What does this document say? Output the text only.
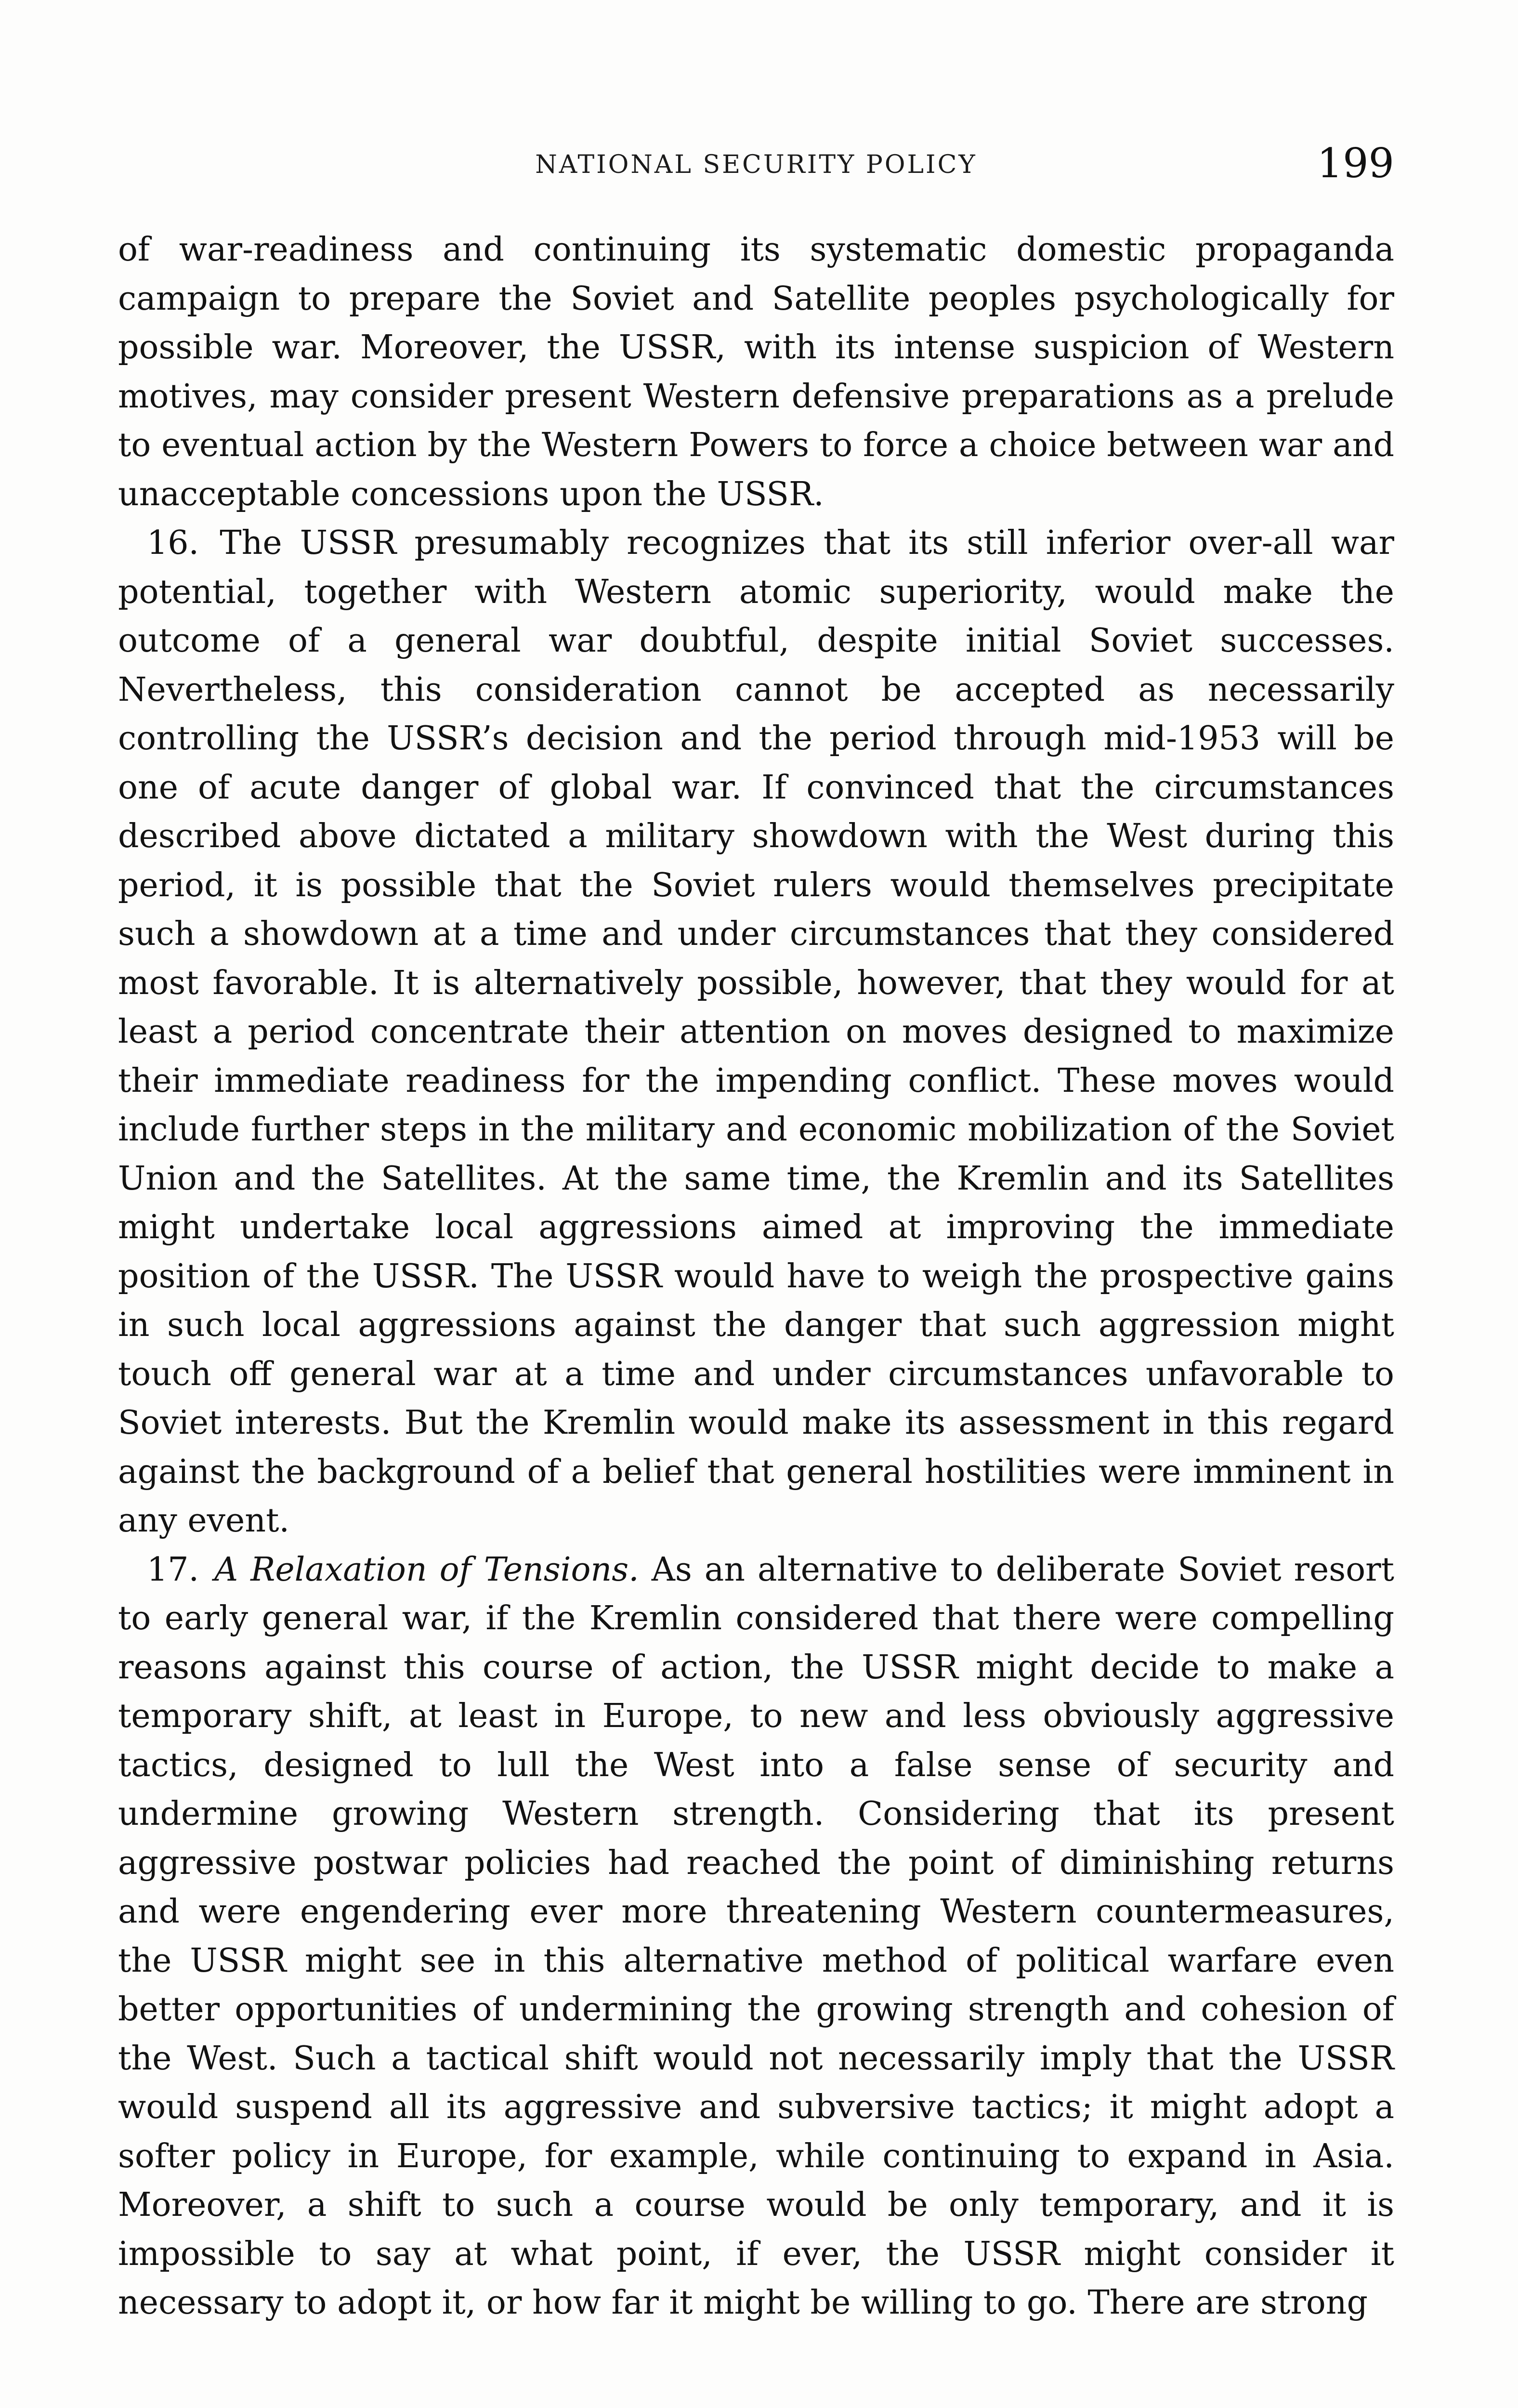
NATIONAL SECURITY POLICY	199

of war-readiness and continuing its systematic domestic propaganda campaign to prepare the Soviet and Satellite peoples psychologically for possible war. Moreover, the USSR, with its intense suspicion of Western motives, may consider present Western defensive preparations as a prelude to eventual action by the Western Powers to force a choice between war and unacceptable concessions upon the USSR.

16. The USSR presumably recognizes that its still inferior over-all war potential, together with Western atomic superiority, would make the outcome of a general war doubtful, despite initial Soviet successes. Nevertheless, this consideration cannot be accepted as necessarily controlling the USSR’s decision and the period through mid-1953 will be one of acute danger of global war. If convinced that the circumstances described above dictated a military showdown with the West during this period, it is possible that the Soviet rulers would themselves precipitate such a showdown at a time and under circumstances that they considered most favorable. It is alternatively possible, however, that they would for at least a period concentrate their attention on moves designed to maximize their immediate readiness for the impending conflict. These moves would include further steps in the military and economic mobilization of the Soviet Union and the Satellites. At the same time, the Kremlin and its Satellites might undertake local aggressions aimed at improving the immediate position of the USSR. The USSR would have to weigh the prospective gains in such local aggressions against the danger that such aggression might touch off general war at a time and under circumstances unfavorable to Soviet interests. But the Kremlin would make its assessment in this regard against the background of a belief that general hostilities were imminent in any event.

17. A Relaxation of Tensions. As an alternative to deliberate Soviet resort to early general war, if the Kremlin considered that there were compelling reasons against this course of action, the USSR might decide to make a temporary shift, at least in Europe, to new and less obviously aggressive tactics, designed to lull the West into a false sense of security and undermine growing Western strength. Considering that its present aggressive postwar policies had reached the point of diminishing returns and were engendering ever more threatening Western countermeasures, the USSR might see in this alternative method of political warfare even better opportunities of undermining the growing strength and cohesion of the West. Such a tactical shift would not necessarily imply that the USSR would suspend all its aggressive and subversive tactics; it might adopt a softer policy in Europe, for example, while continuing to expand in Asia. Moreover, a shift to such a course would be only temporary, and it is impossible to say at what point, if ever, the USSR might consider it necessary to adopt it, or how far it might be willing to go. There are strong
